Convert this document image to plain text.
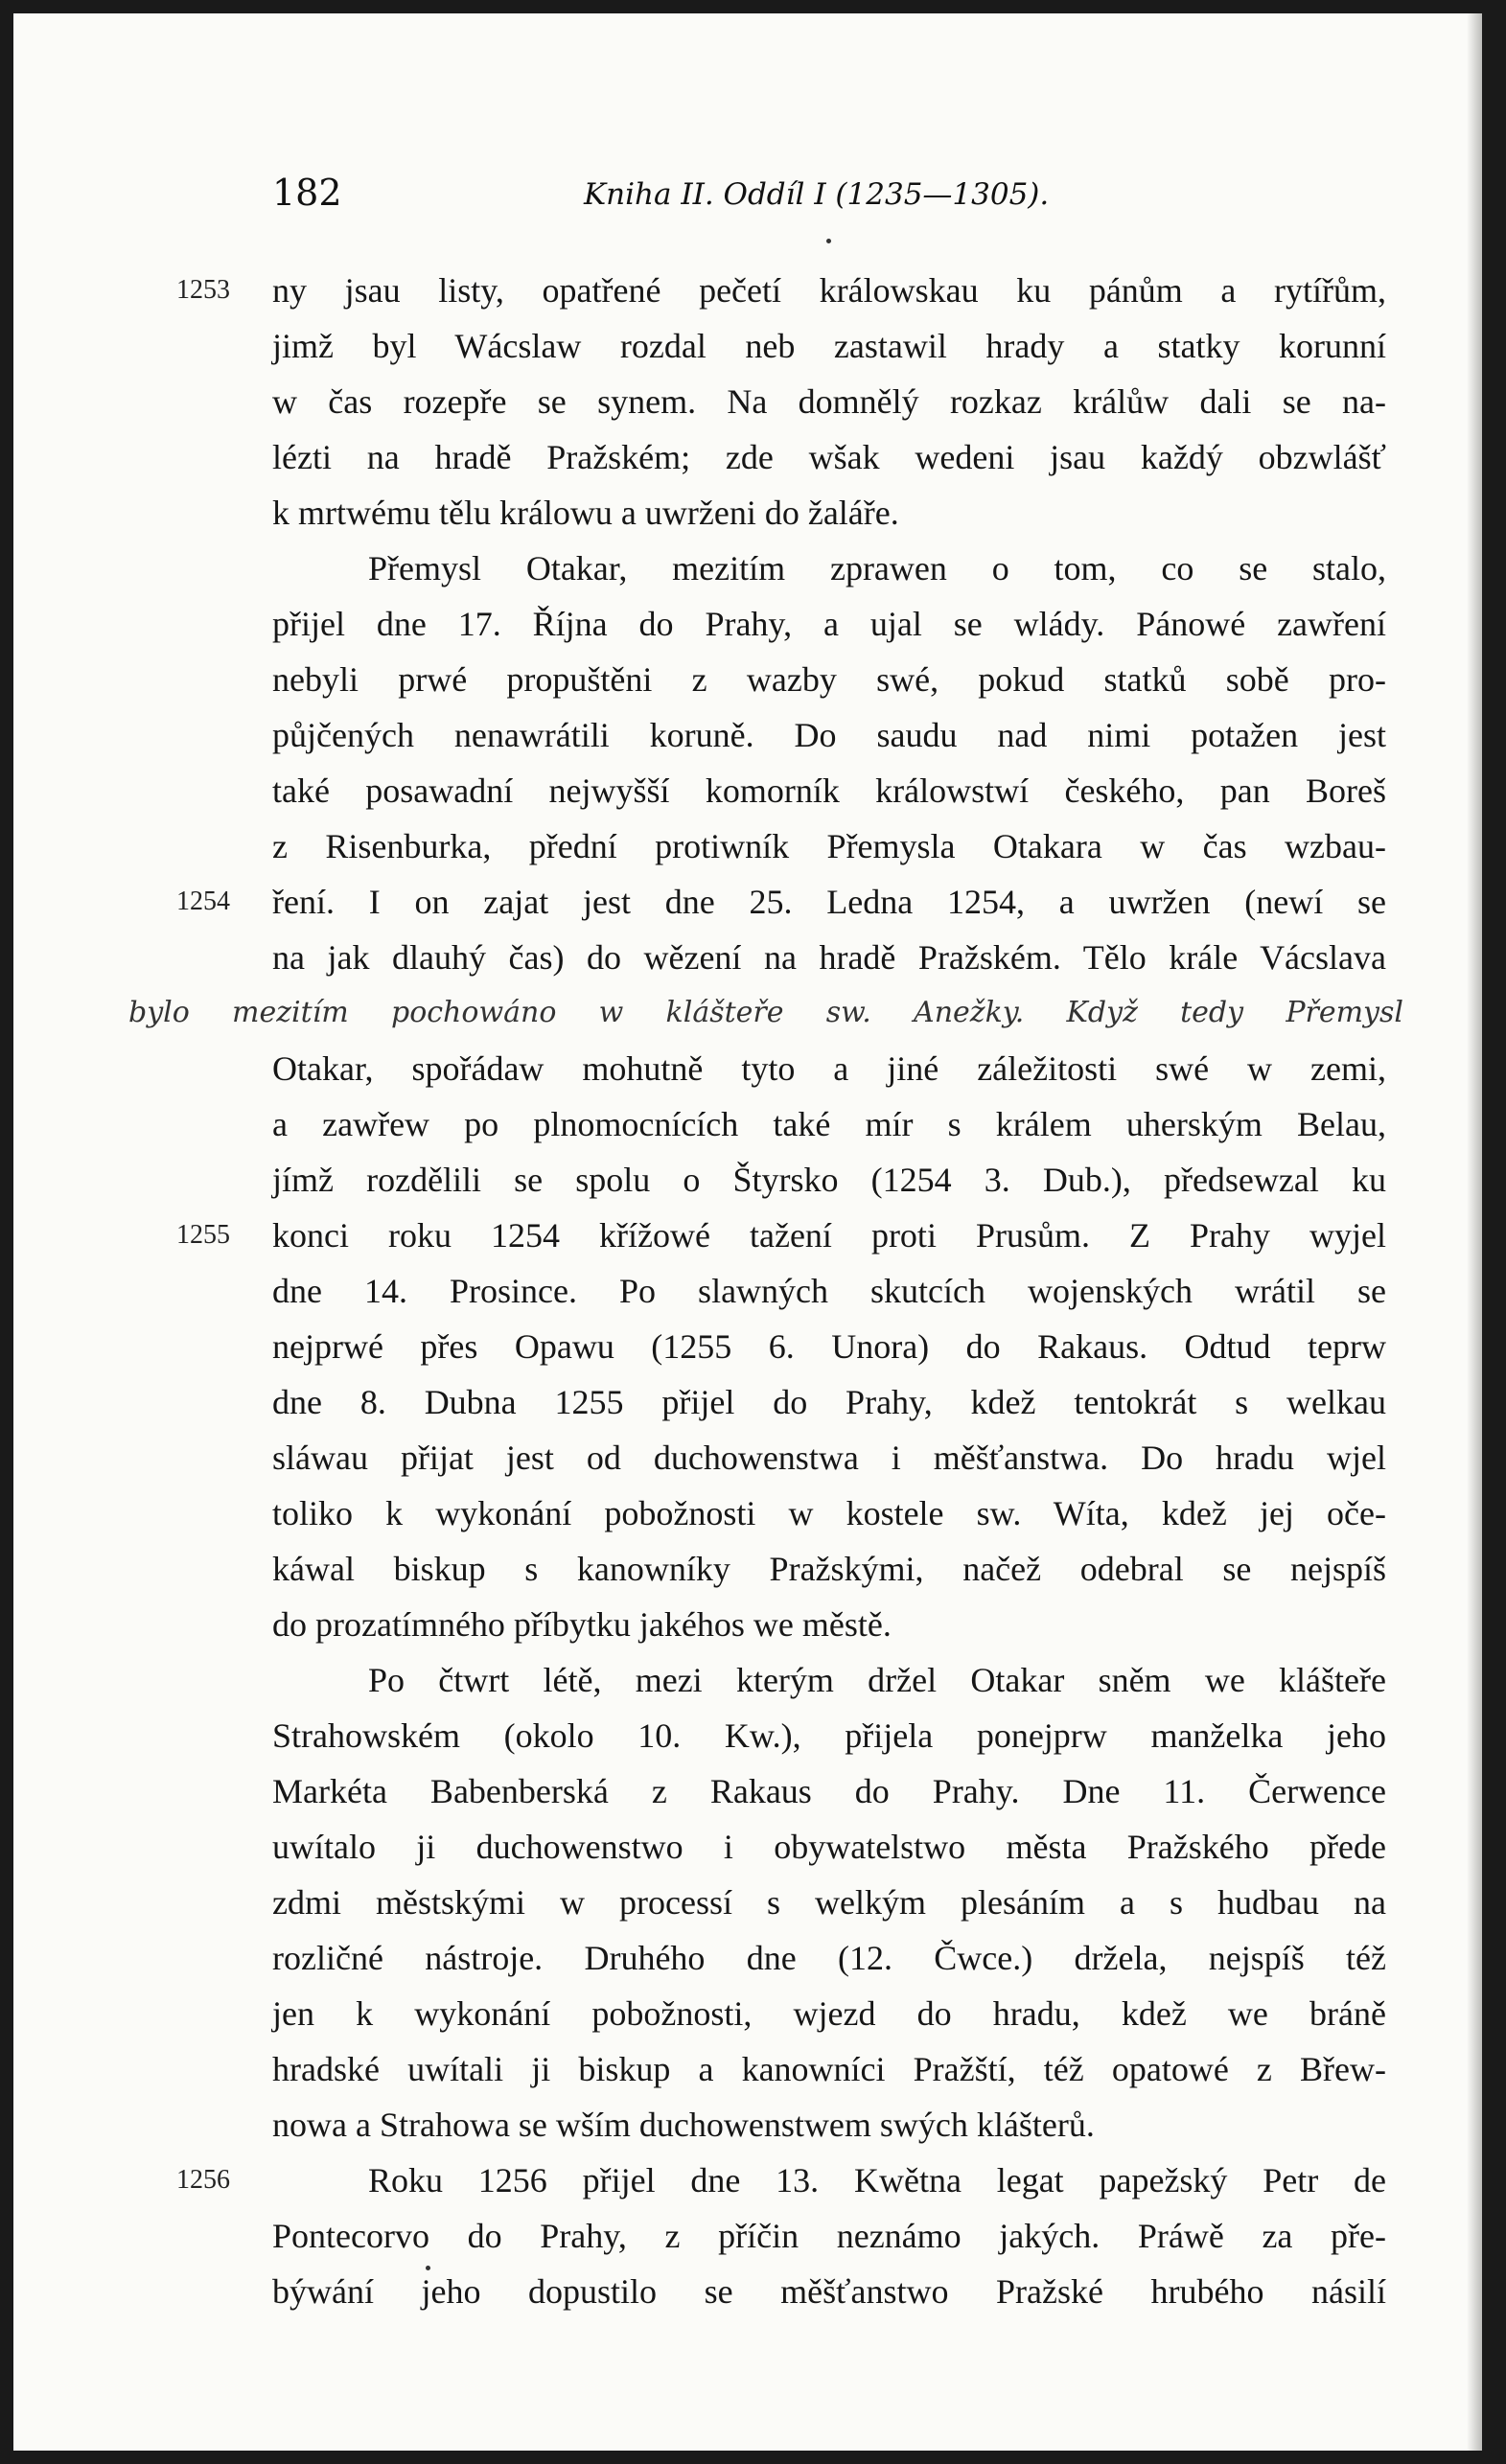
182	Kniha II. Oddíl I (1235—1305).
1253 ny jsau listy, opatřené pečetí králowskau ku pánům a rytířům,
jimž byl Wácslaw rozdal neb zastawil hrady a statky korunní
w čas rozepře se synem. Na domnělý rozkaz králůw dali se na-
lézti na hradě Pražském; zde wšak wedeni jsau každý obzwlášť
k mrtwému tělu králowu a uwrženi do žaláře.
Přemysl Otakar, mezitím zprawen o tom, co se stalo,
přijel dne 17. Října do Prahy, a ujal se wlády. Pánowé zawření
nebyli prwé propuštěni z wazby swé, pokud statků sobě pro-
půjčených nenawrátili koruně. Do saudu nad nimi potažen jest
také posawadní nejwyšší komorník králowstwí českého, pan Boreš
z Risenburka, přední protiwník Přemysla Otakara w čas wzbau-
1254 ření. I on zajat jest dne 25. Ledna 1254, a uwržen (newí se
na jak dlauhý čas) do wězení na hradě Pražském. Tělo krále Vácslava
bylo mezitím pochowáno w klášteře sw. Anežky. Když tedy Přemysl
Otakar, spořádaw mohutně tyto a jiné záležitosti swé w zemi,
a zawřew po plnomocnících také mír s králem uherským Belau,
jímž rozdělili se spolu o Štyrsko (1254 3. Dub.), předsewzal ku
1255 konci roku 1254 křížowé tažení proti Prusům. Z Prahy wyjel
dne 14. Prosince. Po slawných skutcích wojenských wrátil se
nejprwé přes Opawu (1255 6. Unora) do Rakaus. Odtud teprw
dne 8. Dubna 1255 přijel do Prahy, kdež tentokrát s welkau
sláwau přijat jest od duchowenstwa i měšťanstwa. Do hradu wjel
toliko k wykonání pobožnosti w kostele sw. Wíta, kdež jej oče-
káwal biskup s kanowníky Pražskými, načež odebral se nejspíš
do prozatímného příbytku jakéhos we městě.
Po čtwrt létě, mezi kterým držel Otakar sněm we klášteře
Strahowském (okolo 10. Kw.), přijela ponejprw manželka jeho
Markéta Babenberská z Rakaus do Prahy. Dne 11. Čerwence
uwítalo ji duchowenstwo i obywatelstwo města Pražského předе
zdmi městskými w processí s welkým plesáním a s hudbau na
rozličné nástroje. Druhého dne (12. Čwce.) držela, nejspíš též
jen k wykonání pobožnosti, wjezd do hradu, kdež we bráně
hradské uwítali ji biskup a kanowníci Pražští, též opatowé z Břew-
nowa a Strahowa se wším duchowenstwem swých klášterů.
1256	Roku 1256 přijel dne 13. Kwětna legat papežský Petr de
Pontecorvo do Prahy, z příčin neznámo jakých. Práwě za pře-
býwání jeho dopustilo se měšťanstwo Pražské hrubého násilí
